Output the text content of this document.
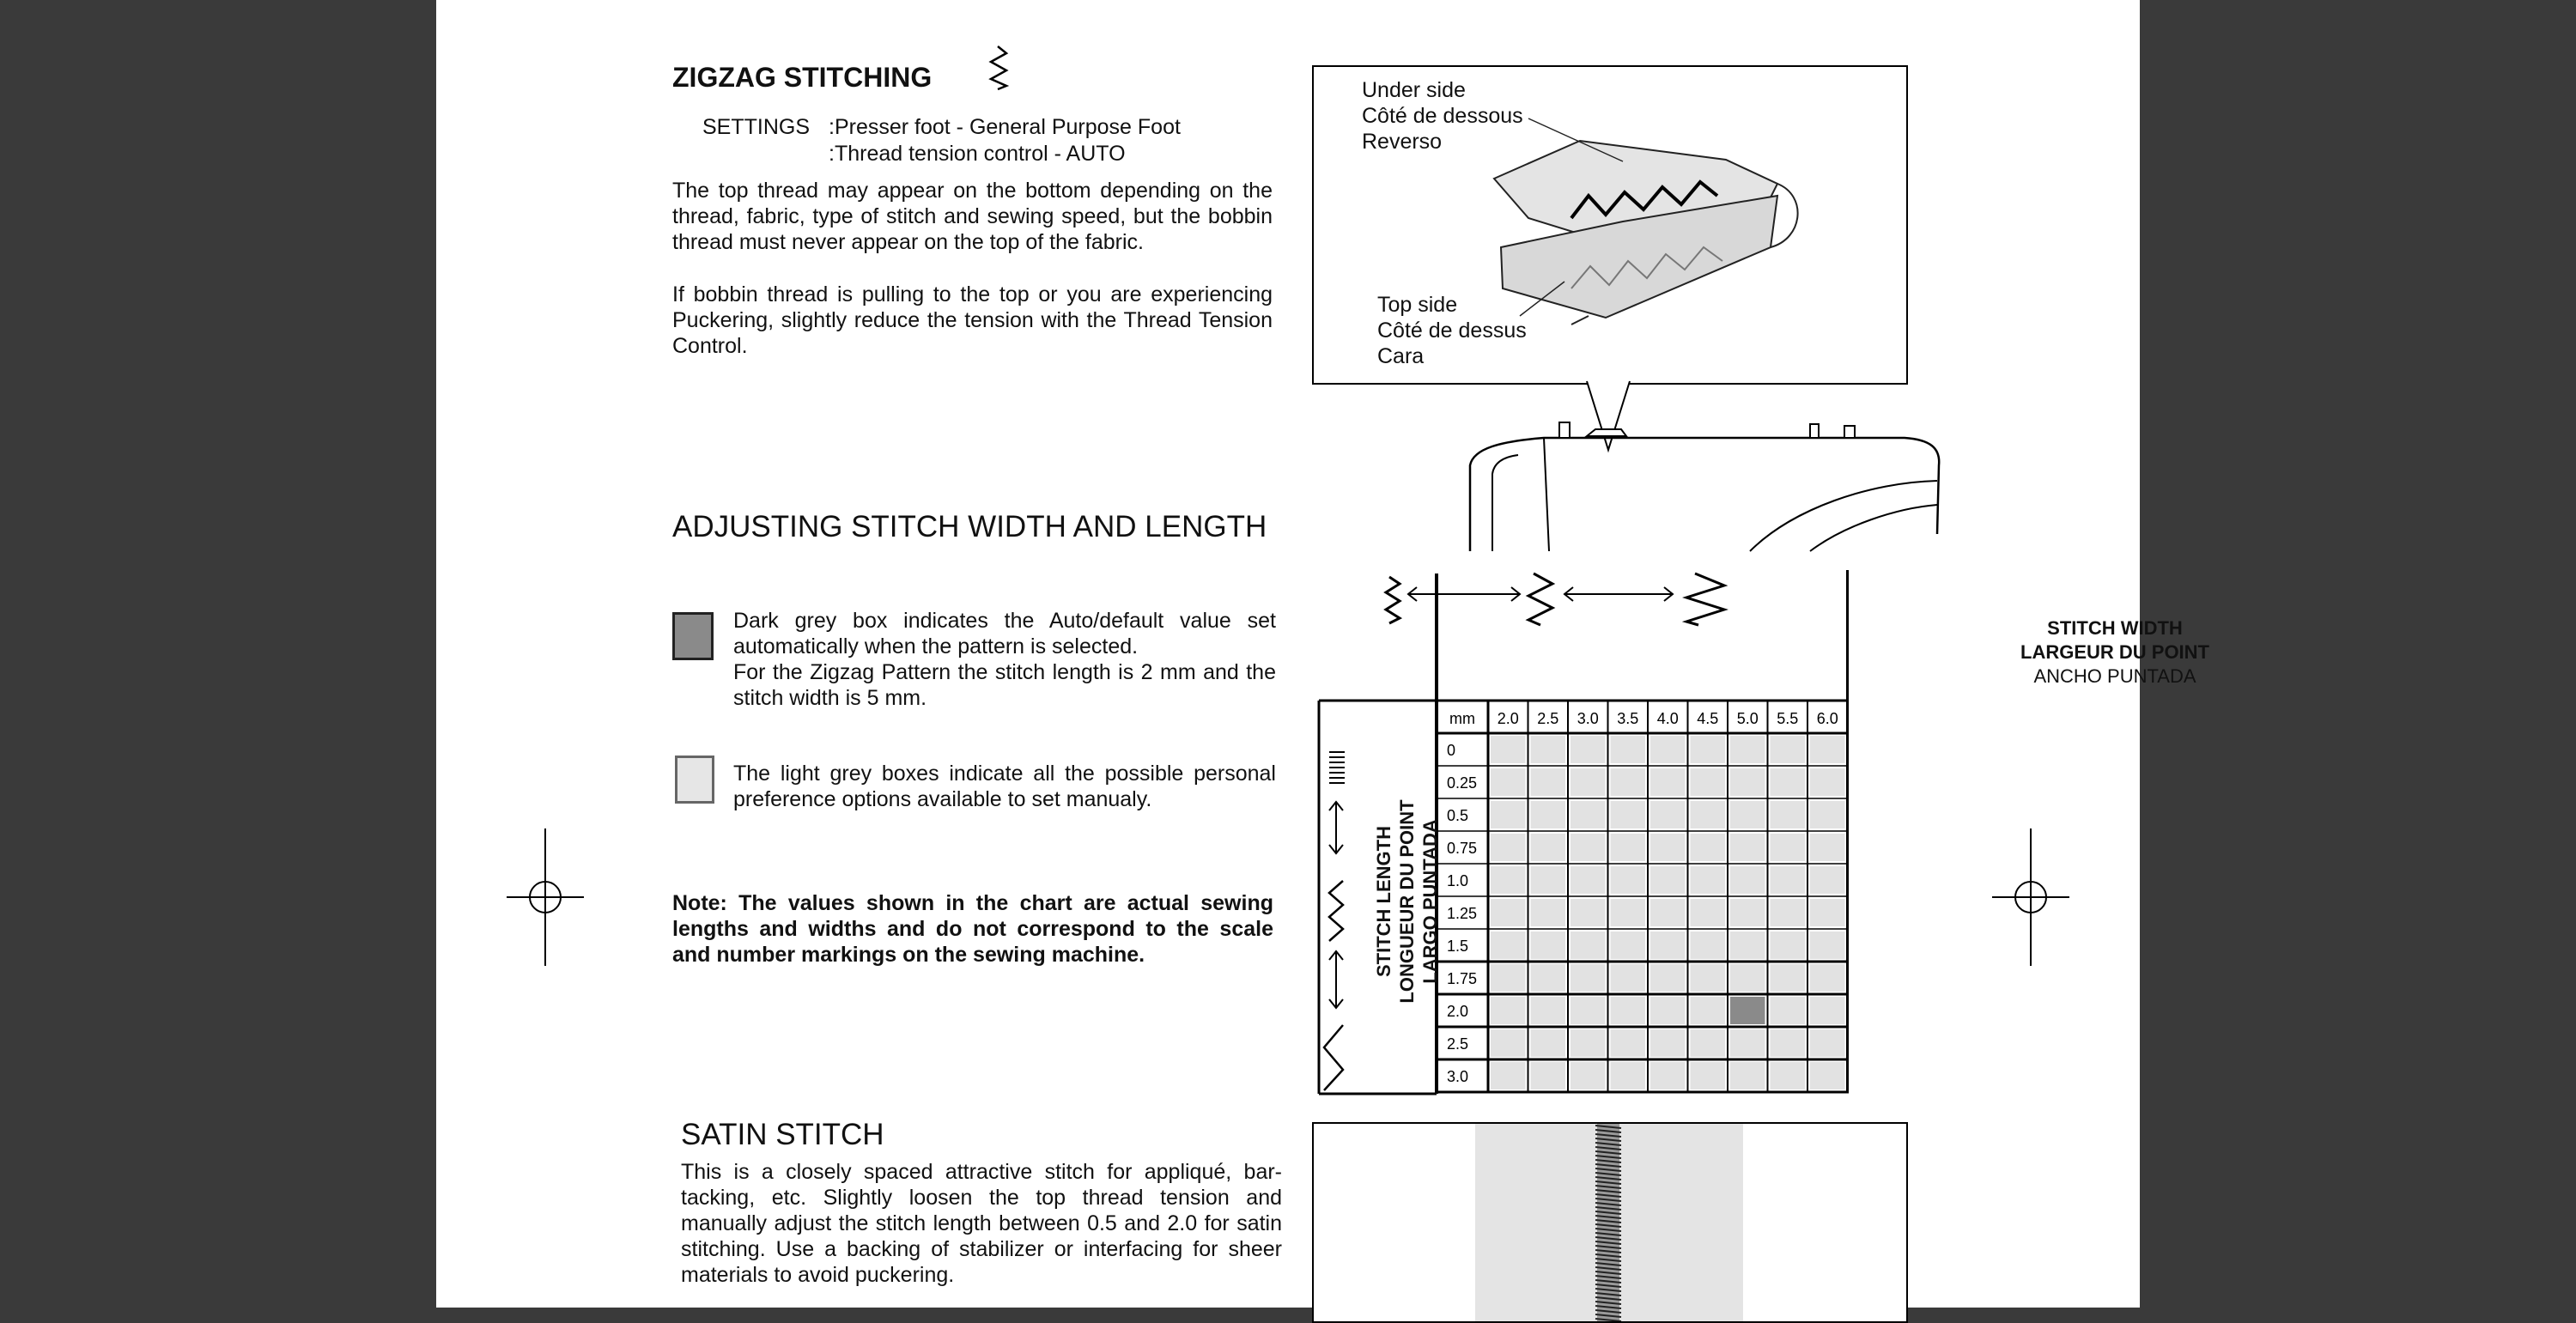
ZIGZAG STITCHING
SETTINGS :Presser foot - General Purpose Foot
:Thread tension control - AUTO
The top thread may appear on the bottom depending on the thread, fabric, type of stitch and sewing speed, but the bobbin thread must never appear on the top of the fabric.
If bobbin thread is pulling to the top or you are experiencing Puckering, slightly reduce the tension with the Thread Tension Control.
Under side
Côté de dessous
Reverso
Top side
Côté de dessus
Cara
ADJUSTING STITCH WIDTH AND LENGTH
Dark grey box indicates the Auto/default value set automatically when the pattern is selected.
For the Zigzag Pattern the stitch length is 2 mm and the stitch width is 5 mm.
The light grey boxes indicate all the possible personal preference options available to set manualy.
Note: The values shown in the chart are actual sewing lengths and widths and do not correspond to the scale and number markings on the sewing machine.
mm 2.0 2.5 3.0 3.5 4.0 4.5 5.0 5.5 6.0
0
0.25
0.5
0.75
1.0
1.25
1.5
1.75
2.0
2.5
3.0
STITCH WIDTH
LARGEUR DU POINT
ANCHO PUNTADA
STITCH LENGTH LONGUEUR DU POINT LARGO PUNTADA
SATIN STITCH
This is a closely spaced attractive stitch for appliqué, bar-tacking, etc. Slightly loosen the top thread tension and manually adjust the stitch length between 0.5 and 2.0 for satin stitching. Use a backing of stabilizer or interfacing for sheer materials to avoid puckering.
